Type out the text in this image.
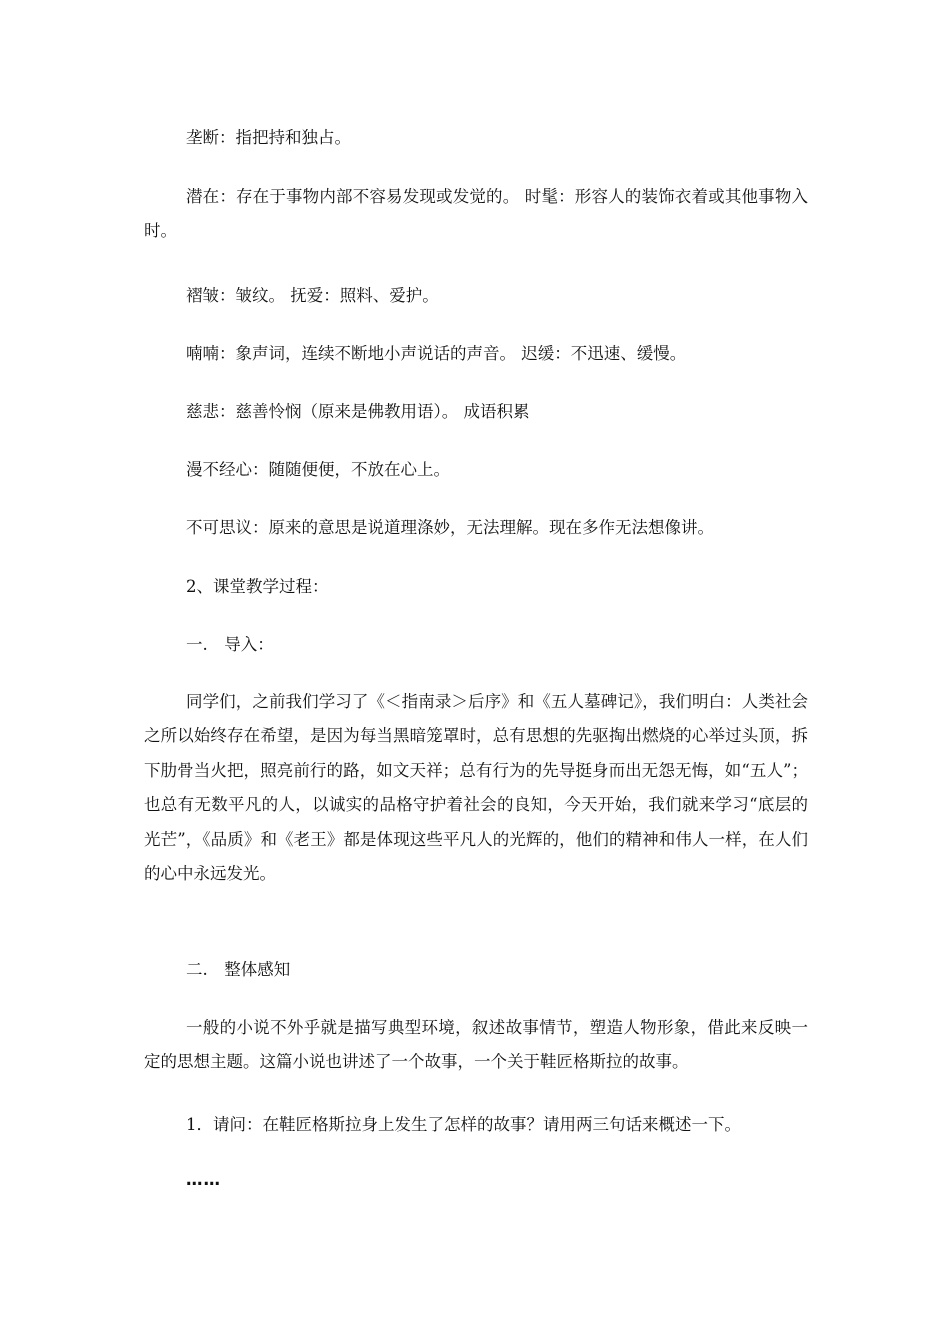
垄断：指把持和独占。

潜在：存在于事物内部不容易发现或发觉的。 时髦：形容人的装饰衣着或其他事物入时。

褶皱：皱纹。 抚爱：照料、爱护。

喃喃：象声词，连续不断地小声说话的声音。 迟缓：不迅速、缓慢。

慈悲：慈善怜悯（原来是佛教用语）。 成语积累

漫不经心：随随便便，不放在心上。

不可思议：原来的意思是说道理涤妙，无法理解。现在多作无法想像讲。

2、课堂教学过程：

一.　导入：

同学们，之前我们学习了《＜指南录＞后序》和《五人墓碑记》，我们明白：人类社会之所以始终存在希望，是因为每当黑暗笼罩时，总有思想的先驱掏出燃烧的心举过头顶，拆下肋骨当火把，照亮前行的路，如文天祥；总有行为的先导挺身而出无怨无悔，如“五人”；也总有无数平凡的人，以诚实的品格守护着社会的良知，今天开始，我们就来学习“底层的光芒”，《品质》和《老王》都是体现这些平凡人的光辉的，他们的精神和伟人一样，在人们的心中永远发光。

二.　整体感知

一般的小说不外乎就是描写典型环境，叙述故事情节，塑造人物形象，借此来反映一定的思想主题。这篇小说也讲述了一个故事，一个关于鞋匠格斯拉的故事。

1．请问：在鞋匠格斯拉身上发生了怎样的故事？请用两三句话来概述一下。

……
